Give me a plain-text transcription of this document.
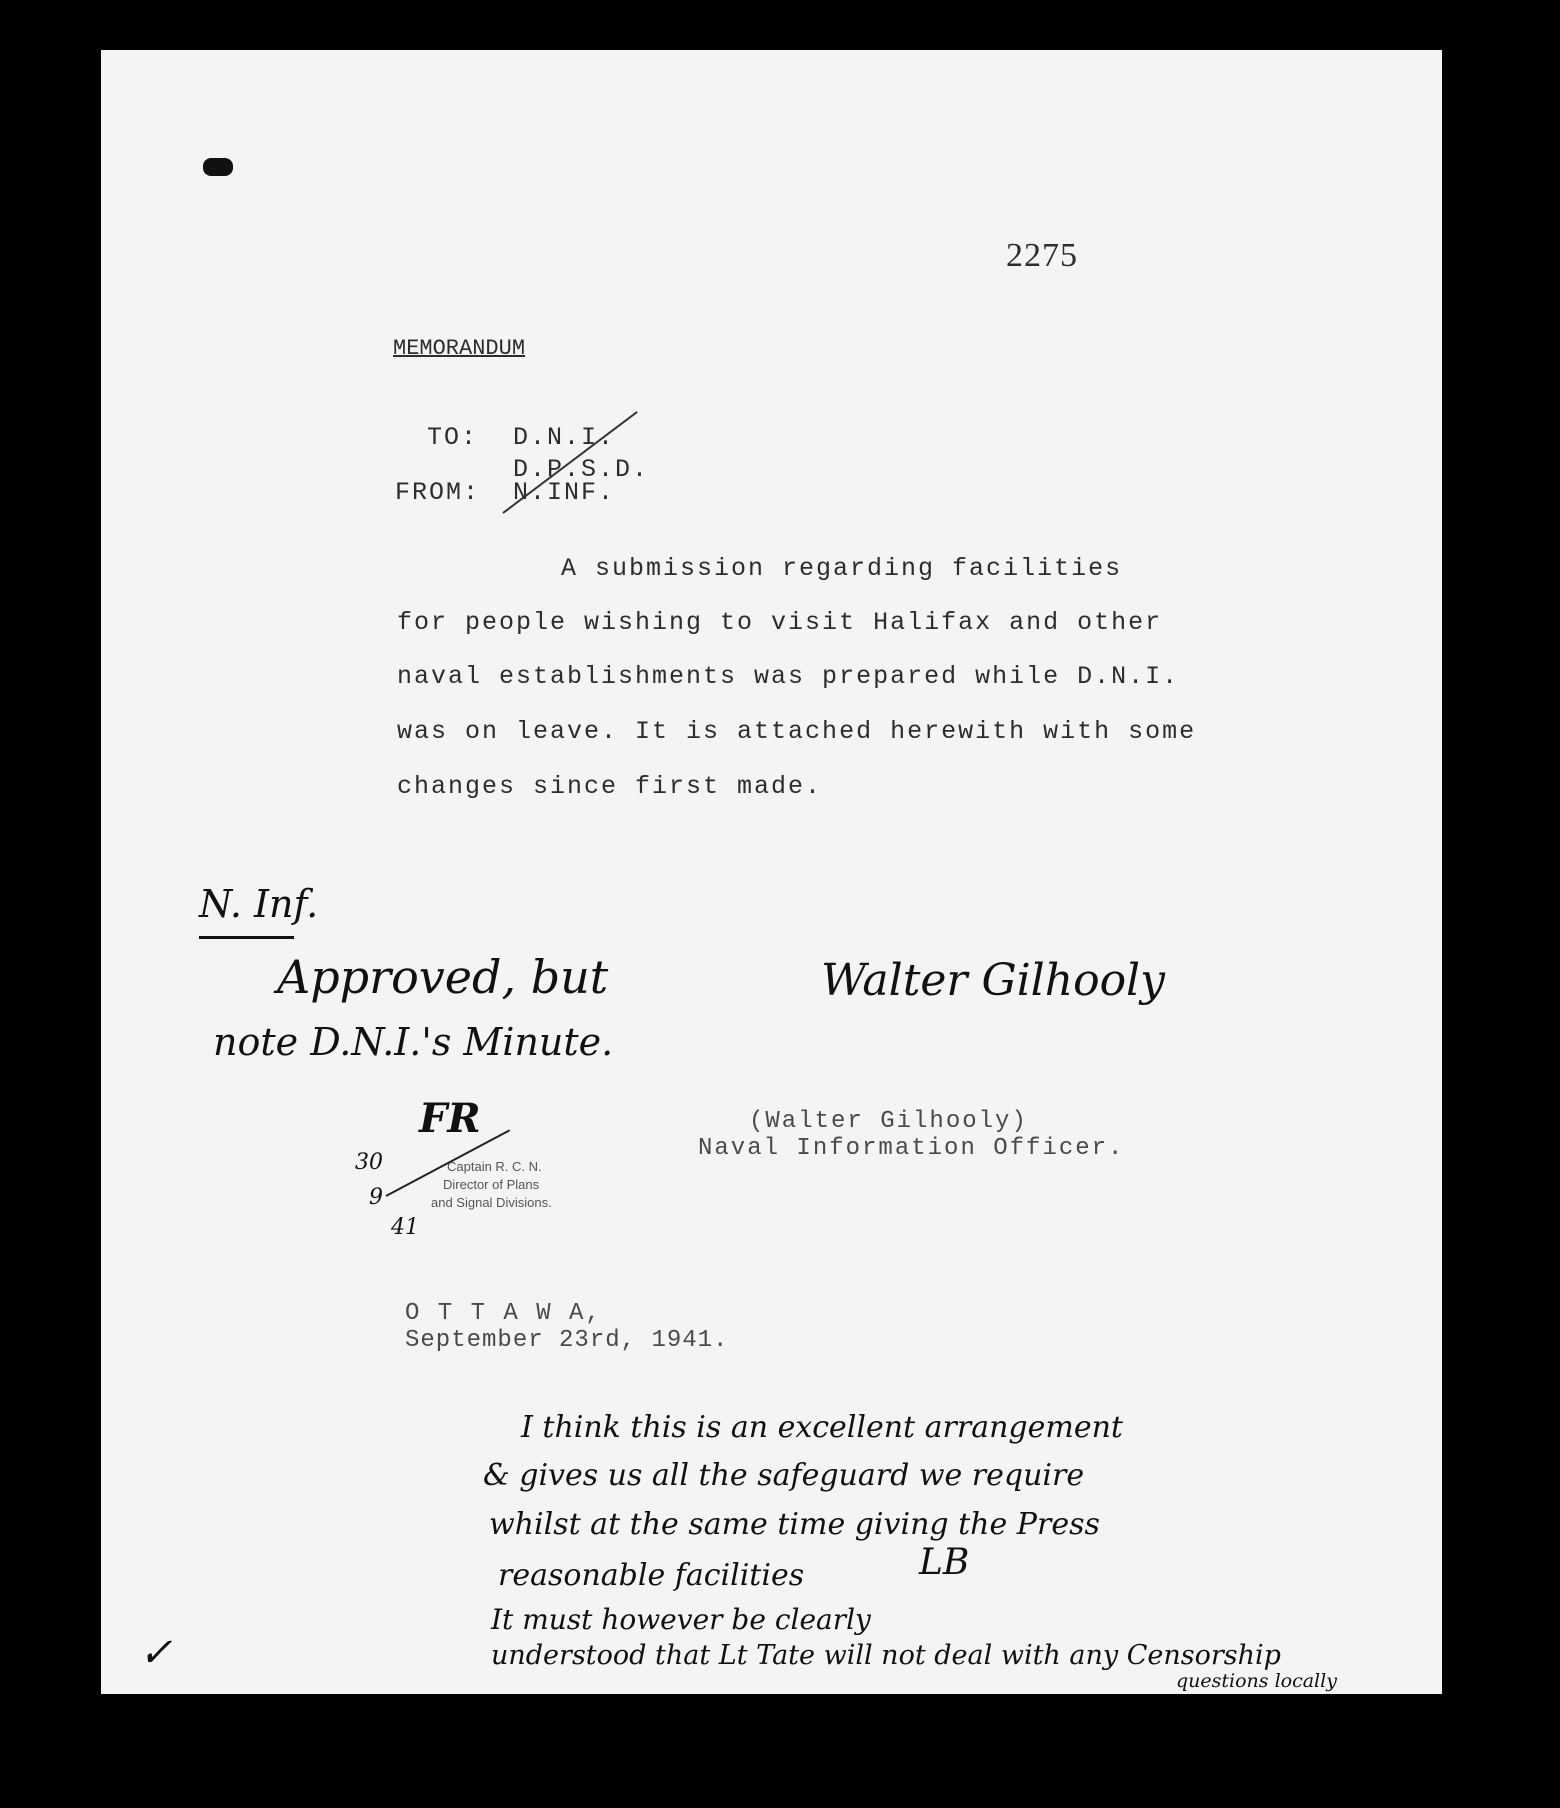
2275
MEMORANDUM
TO: D.N.I.
D.P.S.D.
FROM: N.INF.
A submission regarding facilities
for people wishing to visit Halifax and other
naval establishments was prepared while D.N.I.
was on leave. It is attached herewith with some
changes since first made.
N. Inf.
Approved, but
note D.N.I.'s Minute.
Walter Gilhooly
(Walter Gilhooly)
Naval Information Officer.
FR
30
9
41
Captain R. C. N.
Director of Plans
and Signal Divisions.
O T T A W A,
September 23rd, 1941.
I think this is an excellent arrangement
& gives us all the safeguard we require
whilst at the same time giving the Press
reasonable facilities	LB
It must however be clearly
understood that Lt Tate will not deal with any Censorship
questions locally
✓
